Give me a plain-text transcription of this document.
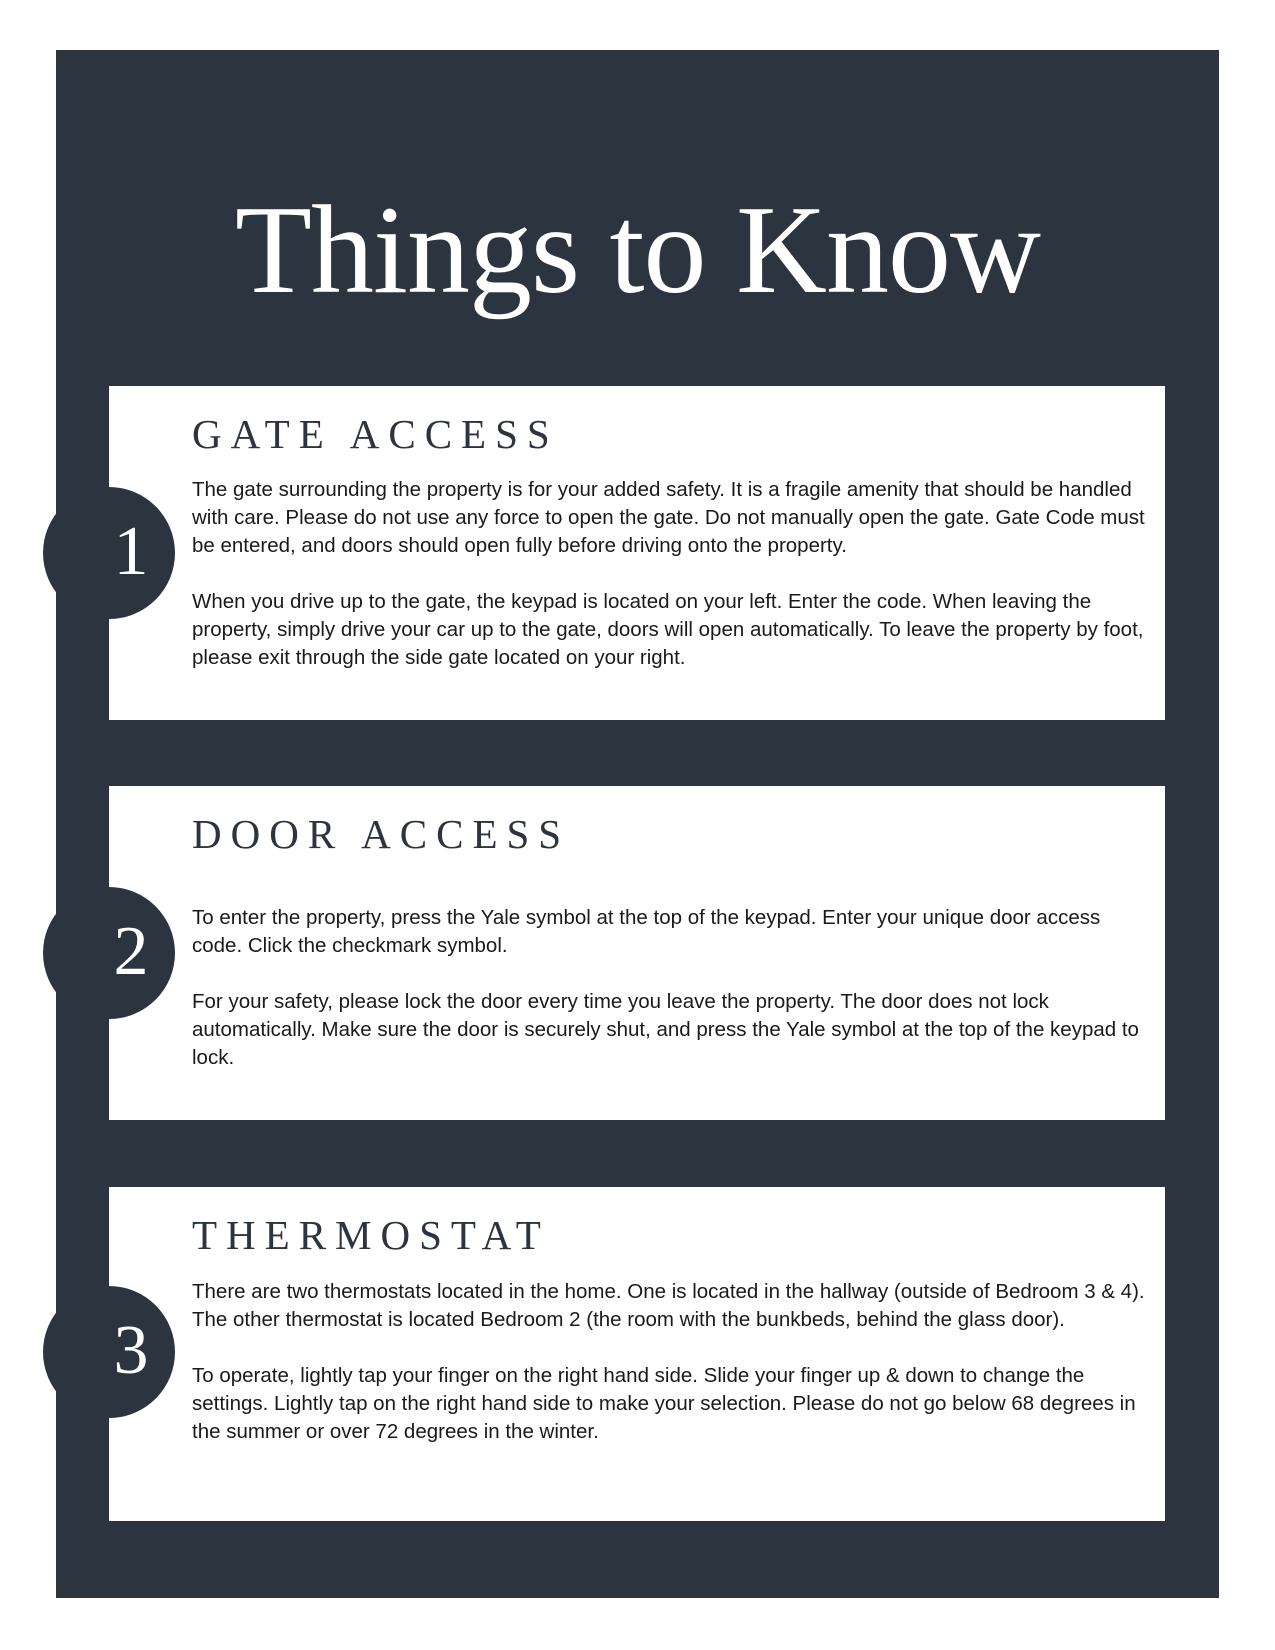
Things to Know
1
GATE ACCESS

The gate surrounding the property is for your added safety. It is a fragile amenity that should be handled with care. Please do not use any force to open the gate. Do not manually open the gate. Gate Code must be entered, and doors should open fully before driving onto the property.

When you drive up to the gate, the keypad is located on your left. Enter the code. When leaving the property, simply drive your car up to the gate, doors will open automatically. To leave the property by foot, please exit through the side gate located on your right.

2
DOOR ACCESS

To enter the property, press the Yale symbol at the top of the keypad. Enter your unique door access code. Click the checkmark symbol.

For your safety, please lock the door every time you leave the property. The door does not lock automatically. Make sure the door is securely shut, and press the Yale symbol at the top of the keypad to lock.

3
THERMOSTAT

There are two thermostats located in the home. One is located in the hallway (outside of Bedroom 3 & 4). The other thermostat is located Bedroom 2 (the room with the bunkbeds, behind the glass door).

To operate, lightly tap your finger on the right hand side. Slide your finger up & down to change the settings. Lightly tap on the right hand side to make your selection. Please do not go below 68 degrees in the summer or over 72 degrees in the winter.
